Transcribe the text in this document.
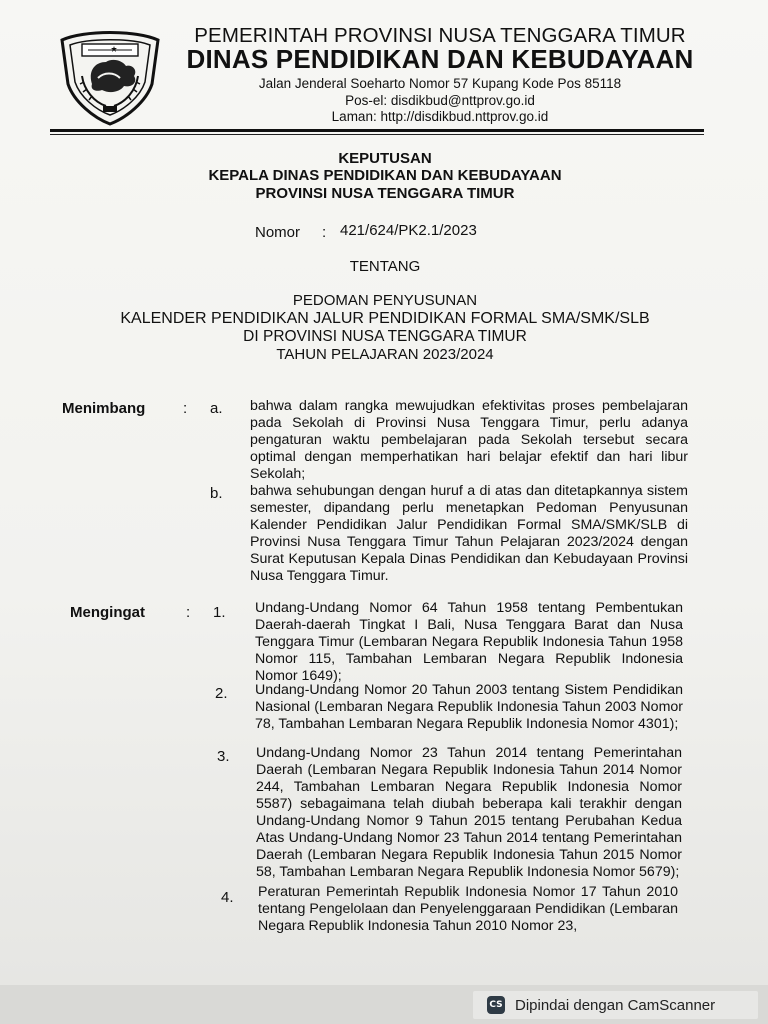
PEMERINTAH PROVINSI NUSA TENGGARA TIMUR
DINAS PENDIDIKAN DAN KEBUDAYAAN
Jalan Jenderal Soeharto Nomor 57 Kupang Kode Pos 85118
Pos-el: disdikbud@nttprov.go.id
Laman: http://disdikbud.nttprov.go.id
KEPUTUSAN
KEPALA DINAS PENDIDIKAN DAN KEBUDAYAAN
PROVINSI NUSA TENGGARA TIMUR
Nomor : 421/624/PK2.1/2023
TENTANG
PEDOMAN PENYUSUNAN
KALENDER PENDIDIKAN JALUR PENDIDIKAN FORMAL SMA/SMK/SLB
DI PROVINSI NUSA TENGGARA TIMUR
TAHUN PELAJARAN 2023/2024
Menimbang	: a. bahwa dalam rangka mewujudkan efektivitas proses pembelajaran pada Sekolah di Provinsi Nusa Tenggara Timur, perlu adanya pengaturan waktu pembelajaran pada Sekolah tersebut secara optimal dengan memperhatikan hari belajar efektif dan hari libur Sekolah;
b. bahwa sehubungan dengan huruf a di atas dan ditetapkannya sistem semester, dipandang perlu menetapkan Pedoman Penyusunan Kalender Pendidikan Jalur Pendidikan Formal SMA/SMK/SLB di Provinsi Nusa Tenggara Timur Tahun Pelajaran 2023/2024 dengan Surat Keputusan Kepala Dinas Pendidikan dan Kebudayaan Provinsi Nusa Tenggara Timur.
Mengingat	: 1. Undang-Undang Nomor 64 Tahun 1958 tentang Pembentukan Daerah-daerah Tingkat I Bali, Nusa Tenggara Barat dan Nusa Tenggara Timur (Lembaran Negara Republik Indonesia Tahun 1958 Nomor 115, Tambahan Lembaran Negara Republik Indonesia Nomor 1649);
2. Undang-Undang Nomor 20 Tahun 2003 tentang Sistem Pendidikan Nasional (Lembaran Negara Republik Indonesia Tahun 2003 Nomor 78, Tambahan Lembaran Negara Republik Indonesia Nomor 4301);
3. Undang-Undang Nomor 23 Tahun 2014 tentang Pemerintahan Daerah (Lembaran Negara Republik Indonesia Tahun 2014 Nomor 244, Tambahan Lembaran Negara Republik Indonesia Nomor 5587) sebagaimana telah diubah beberapa kali terakhir dengan Undang-Undang Nomor 9 Tahun 2015 tentang Perubahan Kedua Atas Undang-Undang Nomor 23 Tahun 2014 tentang Pemerintahan Daerah (Lembaran Negara Republik Indonesia Tahun 2015 Nomor 58, Tambahan Lembaran Negara Republik Indonesia Nomor 5679);
4. Peraturan Pemerintah Republik Indonesia Nomor 17 Tahun 2010 tentang Pengelolaan dan Penyelenggaraan Pendidikan (Lembaran Negara Republik Indonesia Tahun 2010 Nomor 23,
CS Dipindai dengan CamScanner
